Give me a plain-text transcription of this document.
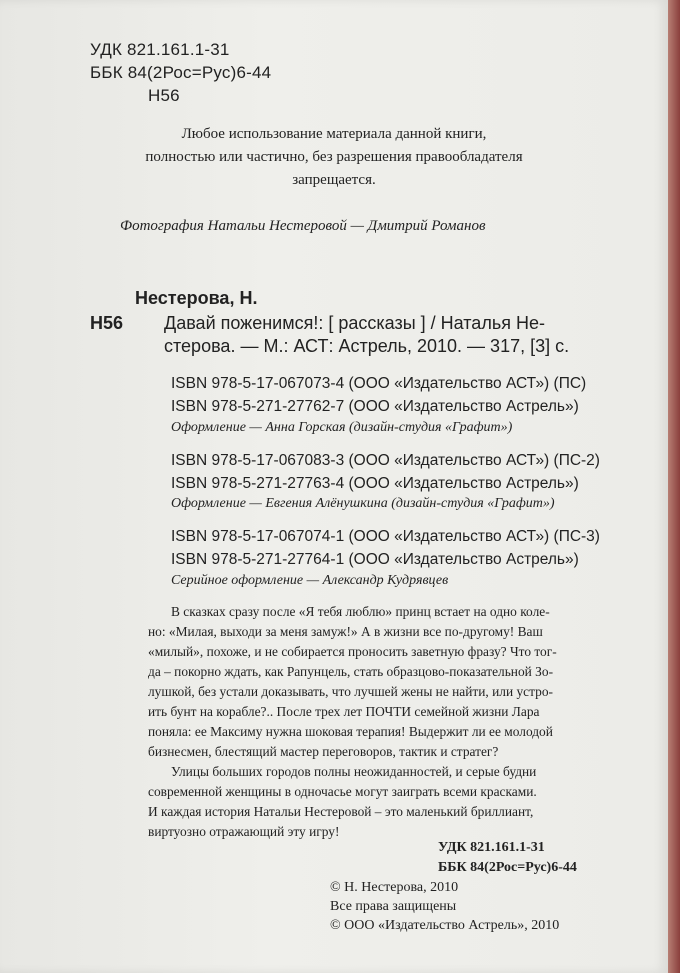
УДК 821.161.1-31
ББК 84(2Рос=Рус)6-44
Н56
Любое использование материала данной книги,
полностью или частично, без разрешения правообладателя
запрещается.
Фотография Натальи Нестеровой — Дмитрий Романов
Нестерова, Н.
Н56 Давай поженимся!: [ рассказы ] / Наталья Не-
стерова. — М.: АСТ: Астрель, 2010. — 317, [3] с.
ISBN 978-5-17-067073-4 (ООО «Издательство АСТ») (ПС)
ISBN 978-5-271-27762-7 (ООО «Издательство Астрель»)
Оформление — Анна Горская (дизайн-студия «Графит»)
ISBN 978-5-17-067083-3 (ООО «Издательство АСТ») (ПС-2)
ISBN 978-5-271-27763-4 (ООО «Издательство Астрель»)
Оформление — Евгения Алёнушкина (дизайн-студия «Графит»)
ISBN 978-5-17-067074-1 (ООО «Издательство АСТ») (ПС-3)
ISBN 978-5-271-27764-1 (ООО «Издательство Астрель»)
Серийное оформление — Александр Кудрявцев
В сказках сразу после «Я тебя люблю» принц встает на одно коле-
но: «Милая, выходи за меня замуж!» А в жизни все по-другому! Ваш
«милый», похоже, и не собирается проносить заветную фразу? Что тог-
да – покорно ждать, как Рапунцель, стать образцово-показательной Зо-
лушкой, без устали доказывать, что лучшей жены не найти, или устро-
ить бунт на корабле?.. После трех лет ПОЧТИ семейной жизни Лара
поняла: ее Максиму нужна шоковая терапия! Выдержит ли ее молодой
бизнесмен, блестящий мастер переговоров, тактик и стратег?
Улицы больших городов полны неожиданностей, и серые будни
современной женщины в одночасье могут заиграть всеми красками.
И каждая история Натальи Нестеровой – это маленький бриллиант,
виртуозно отражающий эту игру!
УДК 821.161.1-31
ББК 84(2Рос=Рус)6-44
© Н. Нестерова, 2010
Все права защищены
© ООО «Издательство Астрель», 2010
